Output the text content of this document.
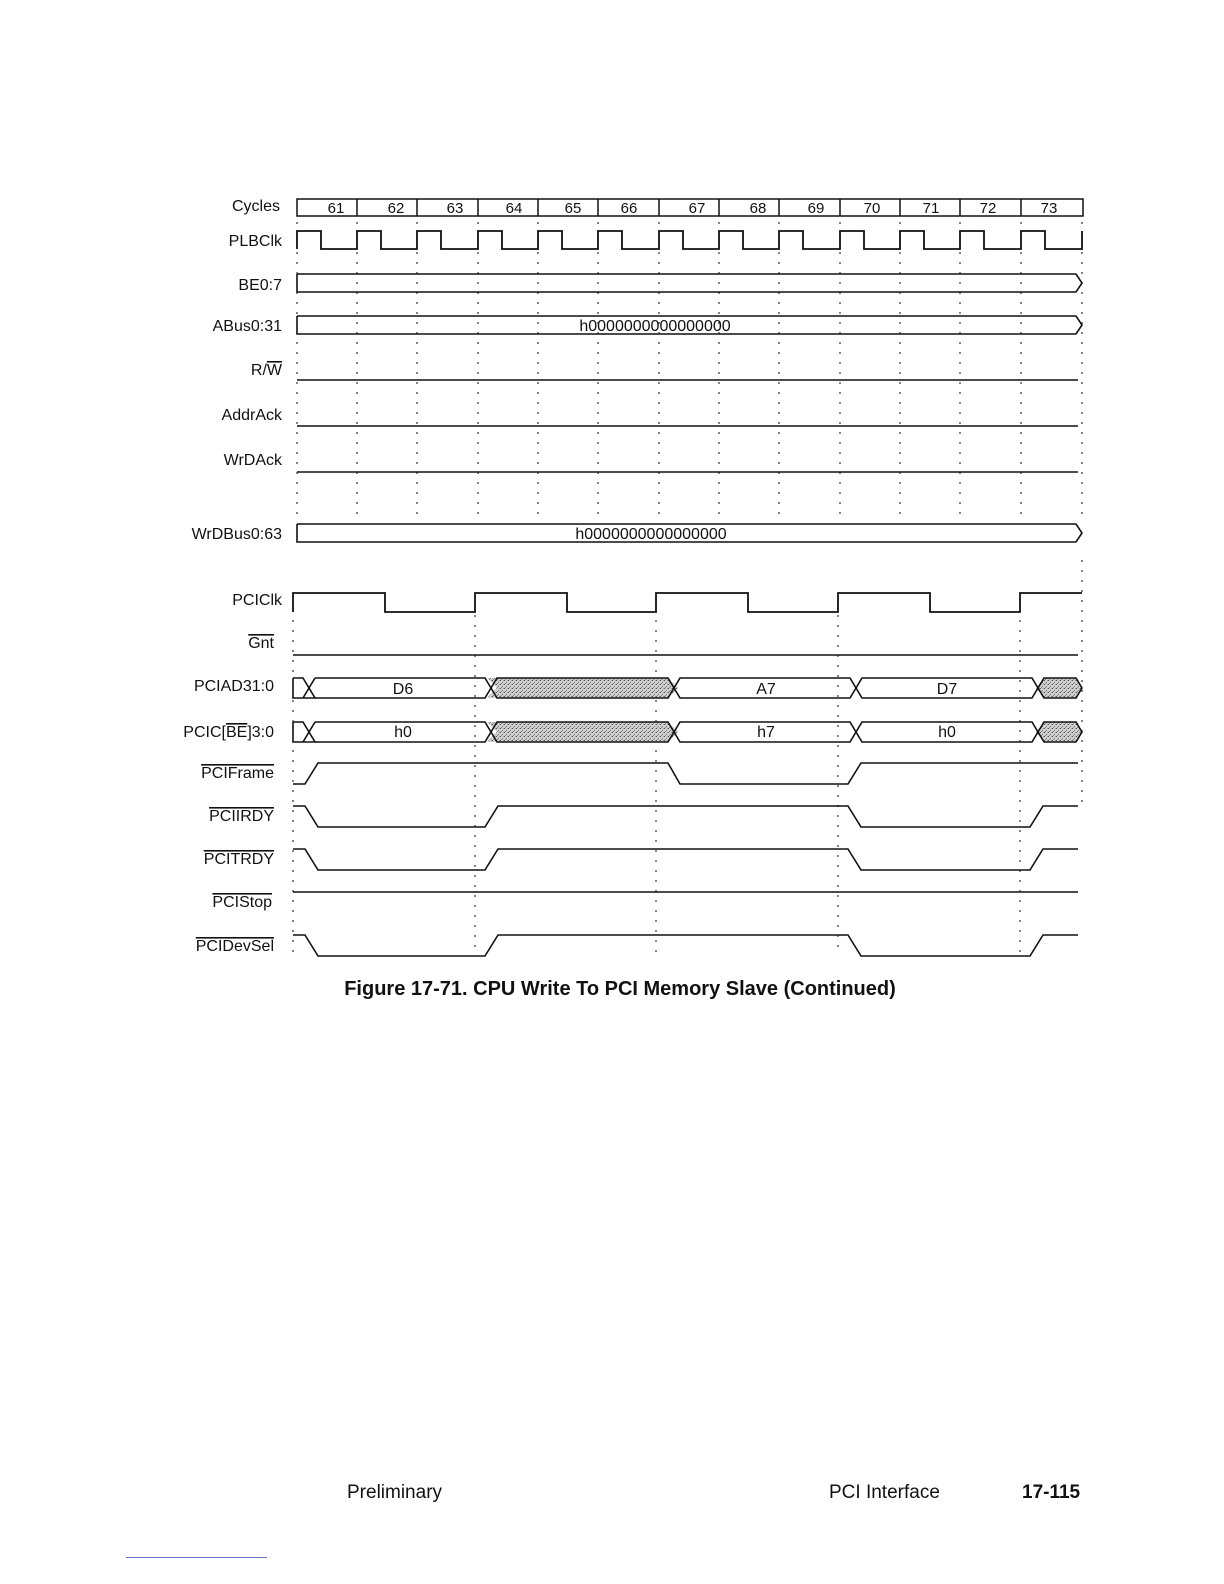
Cycles
PLBClk
BE0:7
ABus0:31
R/W
AddrAck
WrDAck
WrDBus0:63
PCIClk
Gnt
PCIAD31:0
PCIC[BE]3:0
PCIFrame
PCIIRDY
PCITRDY
PCIStop
PCIDevSel
61	62	63	64	65	66	67	68	69	70	71	72	73
h0000000000000000
h0000000000000000
D6	A7	D7
h0	h7	h0
Figure 17-71. CPU Write To PCI Memory Slave (Continued)
Preliminary	PCI Interface	17-115
